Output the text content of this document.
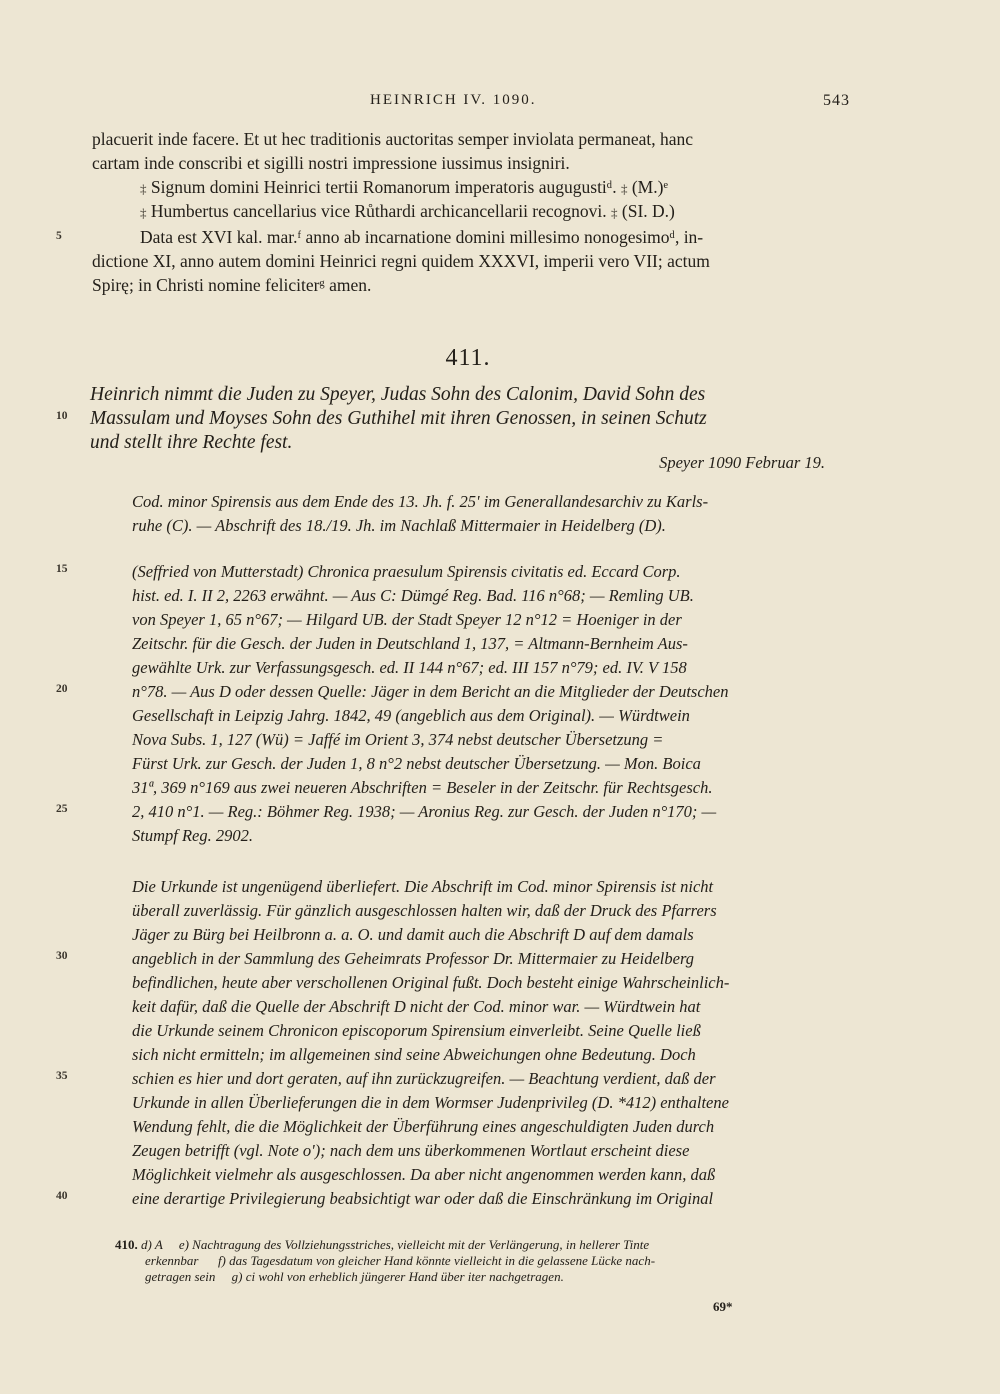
HEINRICH IV. 1090.	543
placuerit inde facere. Et ut hec traditionis auctoritas semper inviolata permaneat, hanc
cartam inde conscribi et sigilli nostri impressione iussimus insigniri.
‡ Signum domini Heinrici tertii Romanorum imperatoris augugustiᵈ. ‡ (M.)ᵉ
‡ Humbertus cancellarius vice Růthardi archicancellarii recognovi. ‡ (SI. D.)
5	Data est XVI kal. mar.ᶠ anno ab incarnatione domini millesimo nonogesimoᵈ, in-
dictione XI, anno autem domini Heinrici regni quidem XXXVI, imperii vero VII; actum
Spirę; in Christi nomine feliciterᵍ amen.
411.
Heinrich nimmt die Juden zu Speyer, Judas Sohn des Calonim, David Sohn des
10	Massulam und Moyses Sohn des Guthihel mit ihren Genossen, in seinen Schutz
und stellt ihre Rechte fest.
Speyer 1090 Februar 19.
Cod. minor Spirensis aus dem Ende des 13. Jh. f. 25' im Generallandesarchiv zu Karls-
ruhe (C). — Abschrift des 18./19. Jh. im Nachlaß Mittermaier in Heidelberg (D).
15	(Seffried von Mutterstadt) Chronica praesulum Spirensis civitatis ed. Eccard Corp.
hist. ed. I. II 2, 2263 erwähnt. — Aus C: Dümgé Reg. Bad. 116 n°68; — Remling UB.
von Speyer 1, 65 n°67; — Hilgard UB. der Stadt Speyer 12 n°12 = Hoeniger in der
Zeitschr. für die Gesch. der Juden in Deutschland 1, 137, = Altmann-Bernheim Aus-
gewählte Urk. zur Verfassungsgesch. ed. II 144 n°67; ed. III 157 n°79; ed. IV. V 158
20	n°78. — Aus D oder dessen Quelle: Jäger in dem Bericht an die Mitglieder der Deutschen
Gesellschaft in Leipzig Jahrg. 1842, 49 (angeblich aus dem Original). — Würdtwein
Nova Subs. 1, 127 (Wü) = Jaffé im Orient 3, 374 nebst deutscher Übersetzung =
Fürst Urk. zur Gesch. der Juden 1, 8 n°2 nebst deutscher Übersetzung. — Mon. Boica
31ª, 369 n°169 aus zwei neueren Abschriften = Beseler in der Zeitschr. für Rechtsgesch.
25	2, 410 n°1. — Reg.: Böhmer Reg. 1938; — Aronius Reg. zur Gesch. der Juden n°170; —
Stumpf Reg. 2902.
Die Urkunde ist ungenügend überliefert. Die Abschrift im Cod. minor Spirensis ist nicht
überall zuverlässig. Für gänzlich ausgeschlossen halten wir, daß der Druck des Pfarrers
Jäger zu Bürg bei Heilbronn a. a. O. und damit auch die Abschrift D auf dem damals
30	angeblich in der Sammlung des Geheimrats Professor Dr. Mittermaier zu Heidelberg
befindlichen, heute aber verschollenen Original fußt. Doch besteht einige Wahrscheinlich-
keit dafür, daß die Quelle der Abschrift D nicht der Cod. minor war. — Würdtwein hat
die Urkunde seinem Chronicon episcoporum Spirensium einverleibt. Seine Quelle ließ
sich nicht ermitteln; im allgemeinen sind seine Abweichungen ohne Bedeutung. Doch
35	schien es hier und dort geraten, auf ihn zurückzugreifen. — Beachtung verdient, daß der
Urkunde in allen Überlieferungen die in dem Wormser Judenprivileg (D. *412) enthaltene
Wendung fehlt, die die Möglichkeit der Überführung eines angeschuldigten Juden durch
Zeugen betrifft (vgl. Note o'); nach dem uns überkommenen Wortlaut erscheint diese
Möglichkeit vielmehr als ausgeschlossen. Da aber nicht angenommen werden kann, daß
40	eine derartige Privilegierung beabsichtigt war oder daß die Einschränkung im Original
410. d) A e) Nachtragung des Vollziehungsstriches, vielleicht mit der Verlängerung, in hellerer Tinte
erkennbar f) das Tagesdatum von gleicher Hand könnte vielleicht in die gelassene Lücke nach-
getragen sein g) ci wohl von erheblich jüngerer Hand über iter nachgetragen.
69*
